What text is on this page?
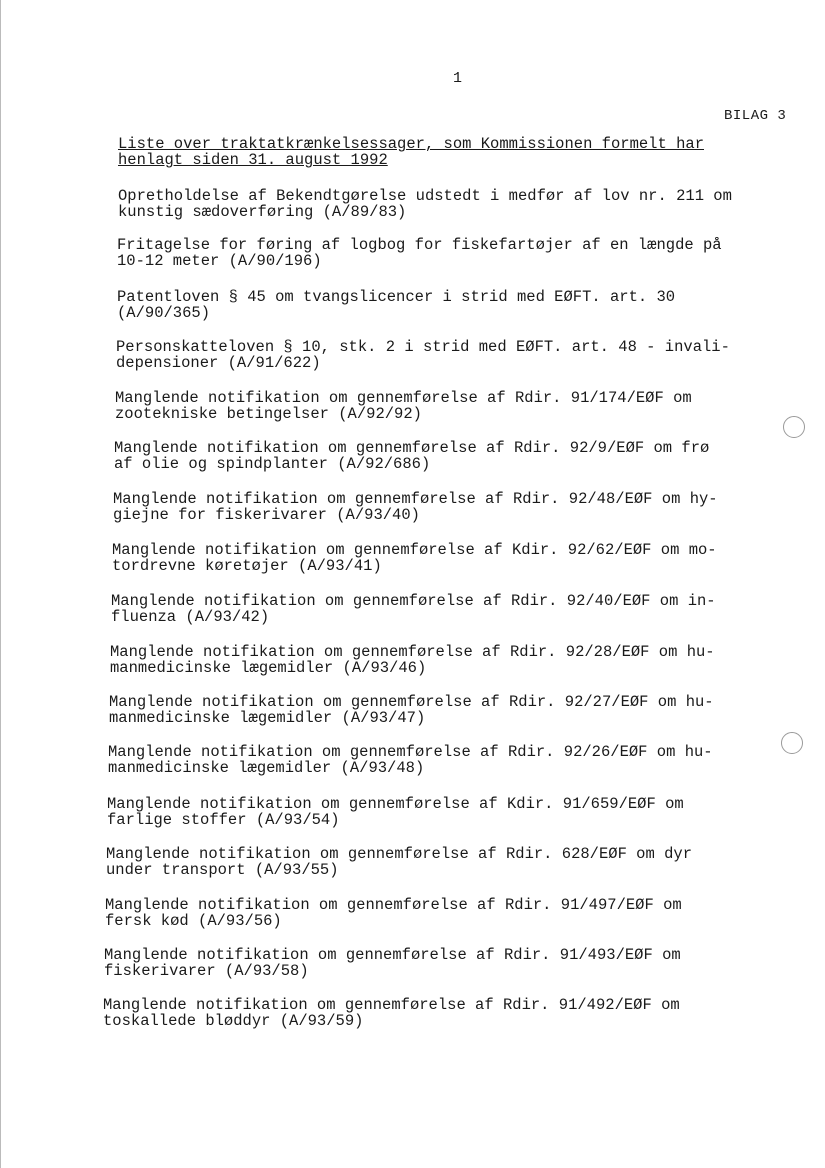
1
BILAG 3
Liste over traktatkrænkelsessager, som Kommissionen formelt har
henlagt siden 31. august 1992
Opretholdelse af Bekendtgørelse udstedt i medfør af lov nr. 211 om
kunstig sædoverføring (A/89/83)
Fritagelse for føring af logbog for fiskefartøjer af en længde på
10-12 meter (A/90/196)
Patentloven § 45 om tvangslicencer i strid med EØFT. art. 30
(A/90/365)
Personskatteloven § 10, stk. 2 i strid med EØFT. art. 48 - invali-
depensioner (A/91/622)
Manglende notifikation om gennemførelse af Rdir. 91/174/EØF om
zootekniske betingelser (A/92/92)
Manglende notifikation om gennemførelse af Rdir. 92/9/EØF om frø
af olie og spindplanter (A/92/686)
Manglende notifikation om gennemførelse af Rdir. 92/48/EØF om hy-
giejne for fiskerivarer (A/93/40)
Manglende notifikation om gennemførelse af Kdir. 92/62/EØF om mo-
tordrevne køretøjer (A/93/41)
Manglende notifikation om gennemførelse af Rdir. 92/40/EØF om in-
fluenza (A/93/42)
Manglende notifikation om gennemførelse af Rdir. 92/28/EØF om hu-
manmedicinske lægemidler (A/93/46)
Manglende notifikation om gennemførelse af Rdir. 92/27/EØF om hu-
manmedicinske lægemidler (A/93/47)
Manglende notifikation om gennemførelse af Rdir. 92/26/EØF om hu-
manmedicinske lægemidler (A/93/48)
Manglende notifikation om gennemførelse af Kdir. 91/659/EØF om
farlige stoffer (A/93/54)
Manglende notifikation om gennemførelse af Rdir. 628/EØF om dyr
under transport (A/93/55)
Manglende notifikation om gennemførelse af Rdir. 91/497/EØF om
fersk kød (A/93/56)
Manglende notifikation om gennemførelse af Rdir. 91/493/EØF om
fiskerivarer (A/93/58)
Manglende notifikation om gennemførelse af Rdir. 91/492/EØF om
toskallede bløddyr (A/93/59)
